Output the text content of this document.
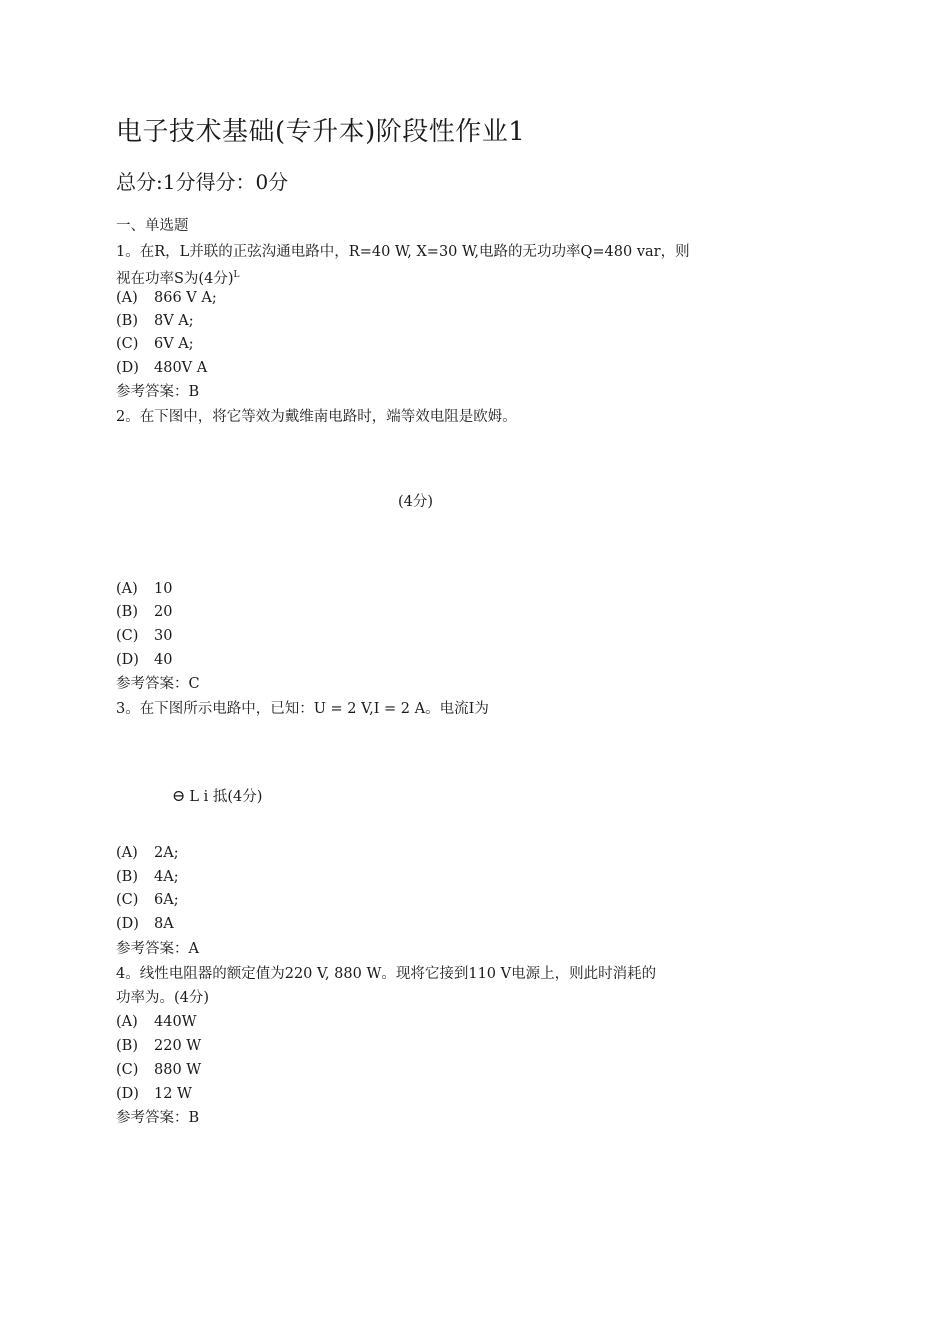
电子技术基础(专升本)阶段性作业1
总分:1分得分：0分
一、单选题
1。在R，L并联的正弦沟通电路中，R=40 W, X=30 W,电路的无功功率Q=480 var，则
视在功率S为(4分)$^L$
(A) 866 V A;
(B) 8V A;
(C) 6V A;
(D) 480V A
参考答案：B
2。在下图中，将它等效为戴维南电路时，端等效电阻是欧姆。
(4分)
(A) 10
(B) 20
(C) 30
(D) 40
参考答案：C
3。在下图所示电路中，已知：U = 2 V,I = 2 A。电流I为
⊖ L i 抵(4分)
(A) 2A;
(B) 4A;
(C) 6A;
(D) 8A
参考答案：A
4。线性电阻器的额定值为220 V, 880 W。现将它接到110 V电源上，则此时消耗的
功率为。(4分)
(A) 440W
(B) 220 W
(C) 880 W
(D) 12 W
参考答案：B
